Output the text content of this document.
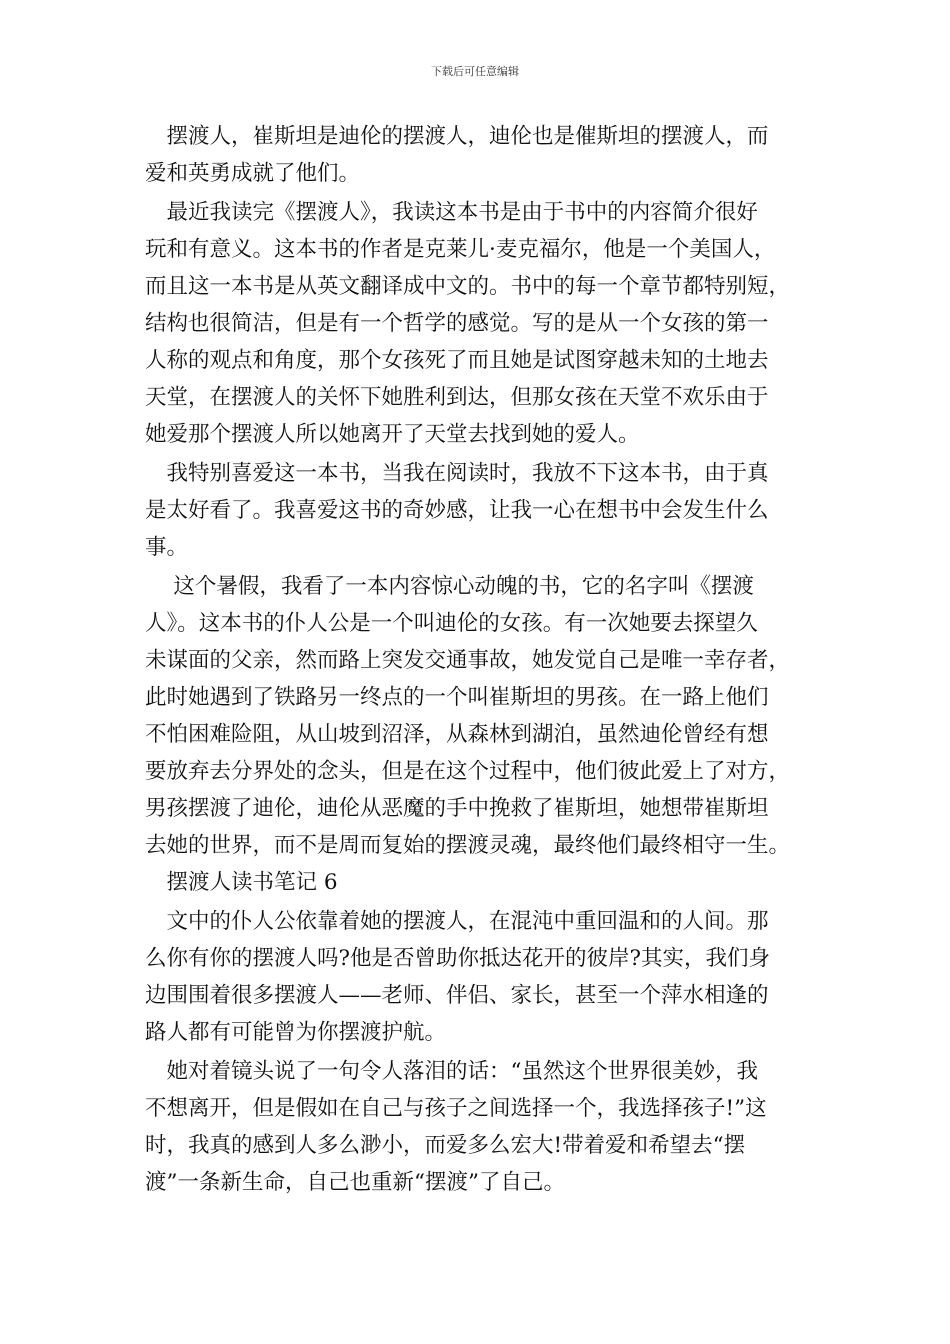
下载后可任意编辑
　摆渡人，崔斯坦是迪伦的摆渡人，迪伦也是催斯坦的摆渡人，而
爱和英勇成就了他们。
　最近我读完《摆渡人》，我读这本书是由于书中的内容简介很好
玩和有意义。这本书的作者是克莱儿·麦克福尔，他是一个美国人，
而且这一本书是从英文翻译成中文的。书中的每一个章节都特别短，
结构也很简洁，但是有一个哲学的感觉。写的是从一个女孩的第一
人称的观点和角度，那个女孩死了而且她是试图穿越未知的土地去
天堂，在摆渡人的关怀下她胜利到达，但那女孩在天堂不欢乐由于
她爱那个摆渡人所以她离开了天堂去找到她的爱人。
　我特别喜爱这一本书，当我在阅读时，我放不下这本书，由于真
是太好看了。我喜爱这书的奇妙感，让我一心在想书中会发生什么
事。
　 这个暑假，我看了一本内容惊心动魄的书，它的名字叫《摆渡
人》。这本书的仆人公是一个叫迪伦的女孩。有一次她要去探望久
未谋面的父亲，然而路上突发交通事故，她发觉自己是唯一幸存者，
此时她遇到了铁路另一终点的一个叫崔斯坦的男孩。在一路上他们
不怕困难险阻，从山坡到沼泽，从森林到湖泊，虽然迪伦曾经有想
要放弃去分界处的念头，但是在这个过程中，他们彼此爱上了对方，
男孩摆渡了迪伦，迪伦从恶魔的手中挽救了崔斯坦，她想带崔斯坦
去她的世界，而不是周而复始的摆渡灵魂，最终他们最终相守一生。
　摆渡人读书笔记 6
　文中的仆人公依靠着她的摆渡人，在混沌中重回温和的人间。那
么你有你的摆渡人吗?他是否曾助你抵达花开的彼岸?其实，我们身
边围围着很多摆渡人——老师、伴侣、家长，甚至一个萍水相逢的
路人都有可能曾为你摆渡护航。
　她对着镜头说了一句令人落泪的话：“虽然这个世界很美妙，我
不想离开，但是假如在自己与孩子之间选择一个，我选择孩子!”这
时，我真的感到人多么渺小，而爱多么宏大!带着爱和希望去“摆
渡”一条新生命，自己也重新“摆渡”了自己。
